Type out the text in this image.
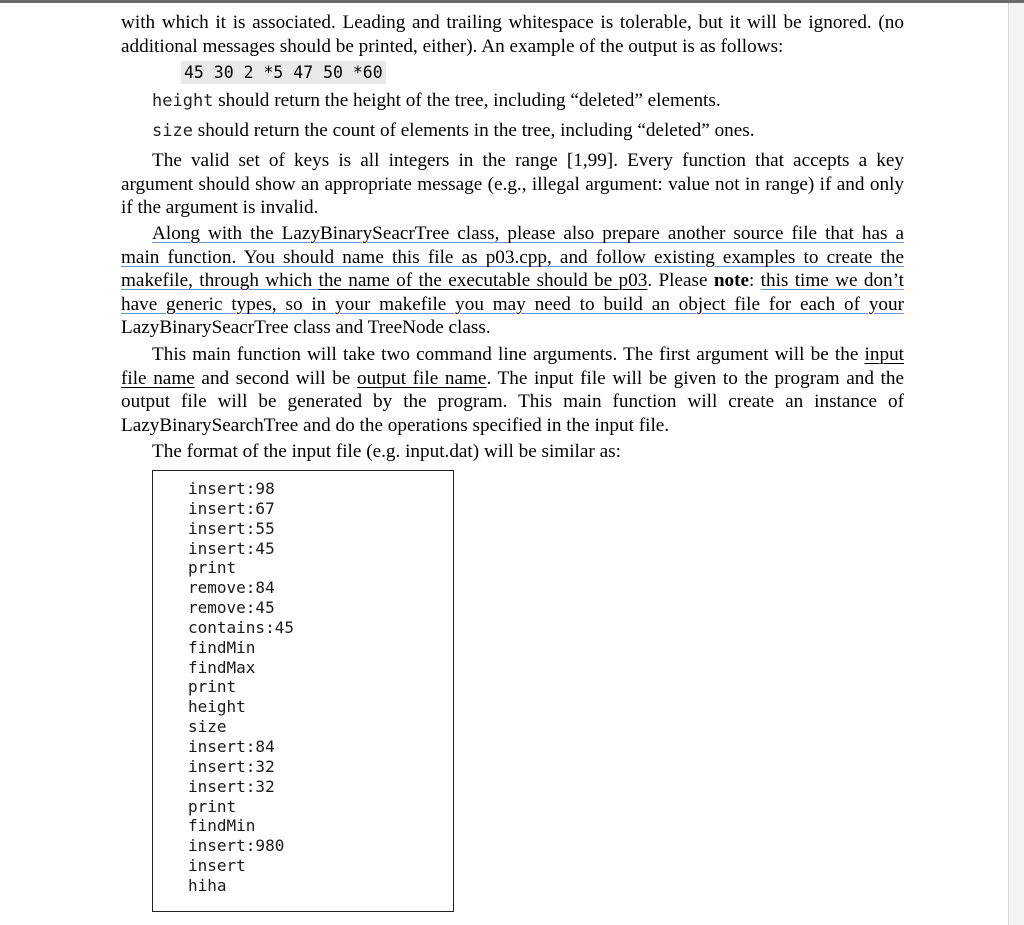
with which it is associated. Leading and trailing whitespace is tolerable, but it will be ignored. (no additional messages should be printed, either). An example of the output is as follows:
45 30 2 *5 47 50 *60
height should return the height of the tree, including “deleted” elements.
size should return the count of elements in the tree, including “deleted” ones.
The valid set of keys is all integers in the range [1,99]. Every function that accepts a key argument should show an appropriate message (e.g., illegal argument: value not in range) if and only if the argument is invalid.
Along with the LazyBinarySeacrTree class, please also prepare another source file that has a main function. You should name this file as p03.cpp, and follow existing examples to create the makefile, through which the name of the executable should be p03. Please note: this time we don’t have generic types, so in your makefile you may need to build an object file for each of your LazyBinarySeacrTree class and TreeNode class.
This main function will take two command line arguments. The first argument will be the input file name and second will be output file name. The input file will be given to the program and the output file will be generated by the program. This main function will create an instance of LazyBinarySearchTree and do the operations specified in the input file.
The format of the input file (e.g. input.dat) will be similar as:
insert:98
insert:67
insert:55
insert:45
print
remove:84
remove:45
contains:45
findMin
findMax
print
height
size
insert:84
insert:32
insert:32
print
findMin
insert:980
insert
hiha
